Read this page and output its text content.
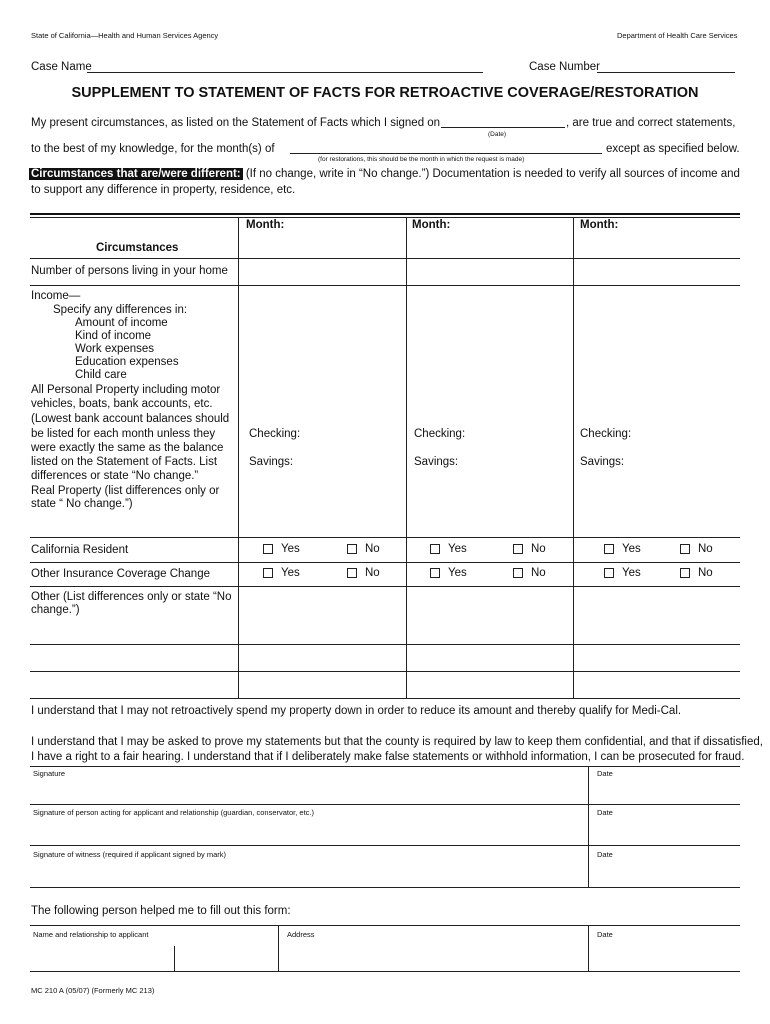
State of California—Health and Human Services Agency	Department of Health Care Services
Case Name	Case Number
SUPPLEMENT TO STATEMENT OF FACTS FOR RETROACTIVE COVERAGE/RESTORATION
My present circumstances, as listed on the Statement of Facts which I signed on	, are true and correct statements,
(Date)
to the best of my knowledge, for the month(s) of	except as specified below.
(for restorations, this should be the month in which the request is made)
Circumstances that are/were different: (If no change, write in “No change.”) Documentation is needed to verify all sources of income and
to support any difference in property, residence, etc.
Month:	Month:	Month:
Circumstances
Number of persons living in your home
Income—
Specify any differences in:
Amount of income
Kind of income
Work expenses
Education expenses
Child care
All Personal Property including motor
vehicles, boats, bank accounts, etc.
(Lowest bank account balances should
be listed for each month unless they
were exactly the same as the balance
listed on the Statement of Facts. List
differences or state “No change.”
Real Property (list differences only or
state “ No change.”)
Checking:	Checking:	Checking:
Savings:	Savings:	Savings:
California Resident	Yes	No	Yes	No	Yes	No
Other Insurance Coverage Change	Yes	No	Yes	No	Yes	No
Other (List differences only or state “No
change.”)
I understand that I may not retroactively spend my property down in order to reduce its amount and thereby qualify for Medi-Cal.
I understand that I may be asked to prove my statements but that the county is required by law to keep them confidential, and that if dissatisfied,
I have a right to a fair hearing. I understand that if I deliberately make false statements or withhold information, I can be prosecuted for fraud.
Signature	Date
Signature of person acting for applicant and relationship (guardian, conservator, etc.)	Date
Signature of witness (required if applicant signed by mark)	Date
The following person helped me to fill out this form:
Name and relationship to applicant	Address	Date
MC 210 A (05/07) (Formerly MC 213)
